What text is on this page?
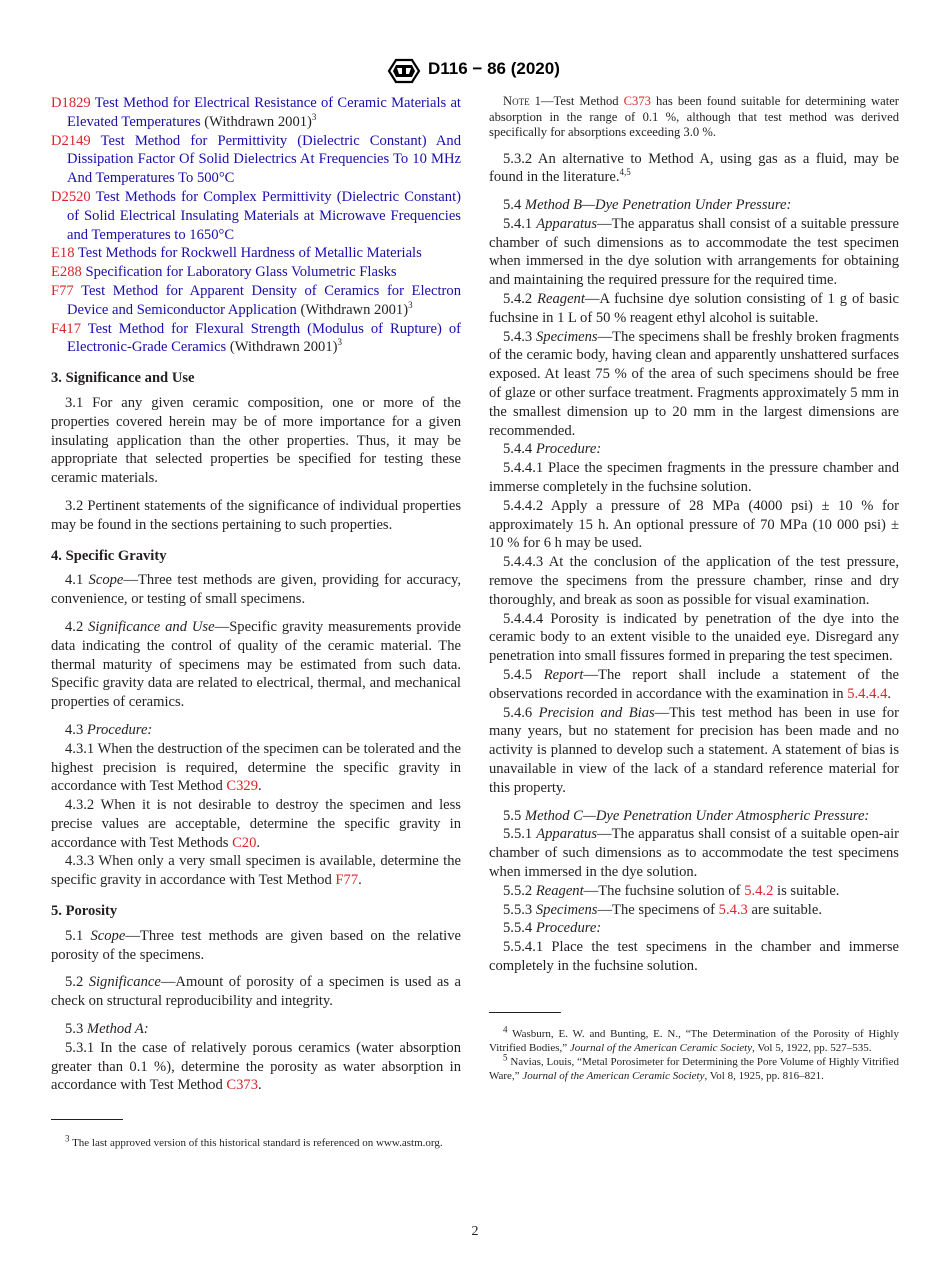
D116 − 86 (2020)

D1829 Test Method for Electrical Resistance of Ceramic Materials at Elevated Temperatures (Withdrawn 2001)$^3$

D2149 Test Method for Permittivity (Dielectric Constant) And Dissipation Factor Of Solid Dielectrics At Frequencies To 10 MHz And Temperatures To 500°C

D2520 Test Methods for Complex Permittivity (Dielectric Constant) of Solid Electrical Insulating Materials at Microwave Frequencies and Temperatures to 1650°C

E18 Test Methods for Rockwell Hardness of Metallic Materials

E288 Specification for Laboratory Glass Volumetric Flasks

F77 Test Method for Apparent Density of Ceramics for Electron Device and Semiconductor Application (Withdrawn 2001)$^3$

F417 Test Method for Flexural Strength (Modulus of Rupture) of Electronic-Grade Ceramics (Withdrawn 2001)$^3$

3. Significance and Use

3.1 For any given ceramic composition, one or more of the properties covered herein may be of more importance for a given insulating application than the other properties. Thus, it may be appropriate that selected properties be specified for testing these ceramic materials.

3.2 Pertinent statements of the significance of individual properties may be found in the sections pertaining to such properties.

4. Specific Gravity

4.1 Scope—Three test methods are given, providing for accuracy, convenience, or testing of small specimens.

4.2 Significance and Use—Specific gravity measurements provide data indicating the control of quality of the ceramic material. The thermal maturity of specimens may be estimated from such data. Specific gravity data are related to electrical, thermal, and mechanical properties of ceramics.

4.3 Procedure:

4.3.1 When the destruction of the specimen can be tolerated and the highest precision is required, determine the specific gravity in accordance with Test Method C329.

4.3.2 When it is not desirable to destroy the specimen and less precise values are acceptable, determine the specific gravity in accordance with Test Methods C20.

4.3.3 When only a very small specimen is available, determine the specific gravity in accordance with Test Method F77.

5. Porosity

5.1 Scope—Three test methods are given based on the relative porosity of the specimens.

5.2 Significance—Amount of porosity of a specimen is used as a check on structural reproducibility and integrity.

5.3 Method A:

5.3.1 In the case of relatively porous ceramics (water absorption greater than 0.1 %), determine the porosity as water absorption in accordance with Test Method C373.

$^3$ The last approved version of this historical standard is referenced on www.astm.org.

Note 1—Test Method C373 has been found suitable for determining water absorption in the range of 0.1 %, although that test method was derived specifically for absorptions exceeding 3.0 %.

5.3.2 An alternative to Method A, using gas as a fluid, may be found in the literature.$^{4,5}$

5.4 Method B—Dye Penetration Under Pressure:

5.4.1 Apparatus—The apparatus shall consist of a suitable pressure chamber of such dimensions as to accommodate the test specimen when immersed in the dye solution with arrangements for obtaining and maintaining the required pressure for the required time.

5.4.2 Reagent—A fuchsine dye solution consisting of 1 g of basic fuchsine in 1 L of 50 % reagent ethyl alcohol is suitable.

5.4.3 Specimens—The specimens shall be freshly broken fragments of the ceramic body, having clean and apparently unshattered surfaces exposed. At least 75 % of the area of such specimens should be free of glaze or other surface treatment. Fragments approximately 5 mm in the smallest dimension up to 20 mm in the largest dimensions are recommended.

5.4.4 Procedure:

5.4.4.1 Place the specimen fragments in the pressure chamber and immerse completely in the fuchsine solution.

5.4.4.2 Apply a pressure of 28 MPa (4000 psi) ± 10 % for approximately 15 h. An optional pressure of 70 MPa (10 000 psi) ± 10 % for 6 h may be used.

5.4.4.3 At the conclusion of the application of the test pressure, remove the specimens from the pressure chamber, rinse and dry thoroughly, and break as soon as possible for visual examination.

5.4.4.4 Porosity is indicated by penetration of the dye into the ceramic body to an extent visible to the unaided eye. Disregard any penetration into small fissures formed in preparing the test specimen.

5.4.5 Report—The report shall include a statement of the observations recorded in accordance with the examination in 5.4.4.4.

5.4.6 Precision and Bias—This test method has been in use for many years, but no statement for precision has been made and no activity is planned to develop such a statement. A statement of bias is unavailable in view of the lack of a standard reference material for this property.

5.5 Method C—Dye Penetration Under Atmospheric Pressure:

5.5.1 Apparatus—The apparatus shall consist of a suitable open-air chamber of such dimensions as to accommodate the test specimens when immersed in the dye solution.

5.5.2 Reagent—The fuchsine solution of 5.4.2 is suitable.

5.5.3 Specimens—The specimens of 5.4.3 are suitable.

5.5.4 Procedure:

5.5.4.1 Place the test specimens in the chamber and immerse completely in the fuchsine solution.

$^4$ Wasburn, E. W. and Bunting, E. N., “The Determination of the Porosity of Highly Vitrified Bodies,” Journal of the American Ceramic Society, Vol 5, 1922, pp. 527–535.

$^5$ Navias, Louis, “Metal Porosimeter for Determining the Pore Volume of Highly Vitrified Ware,” Journal of the American Ceramic Society, Vol 8, 1925, pp. 816–821.

2
